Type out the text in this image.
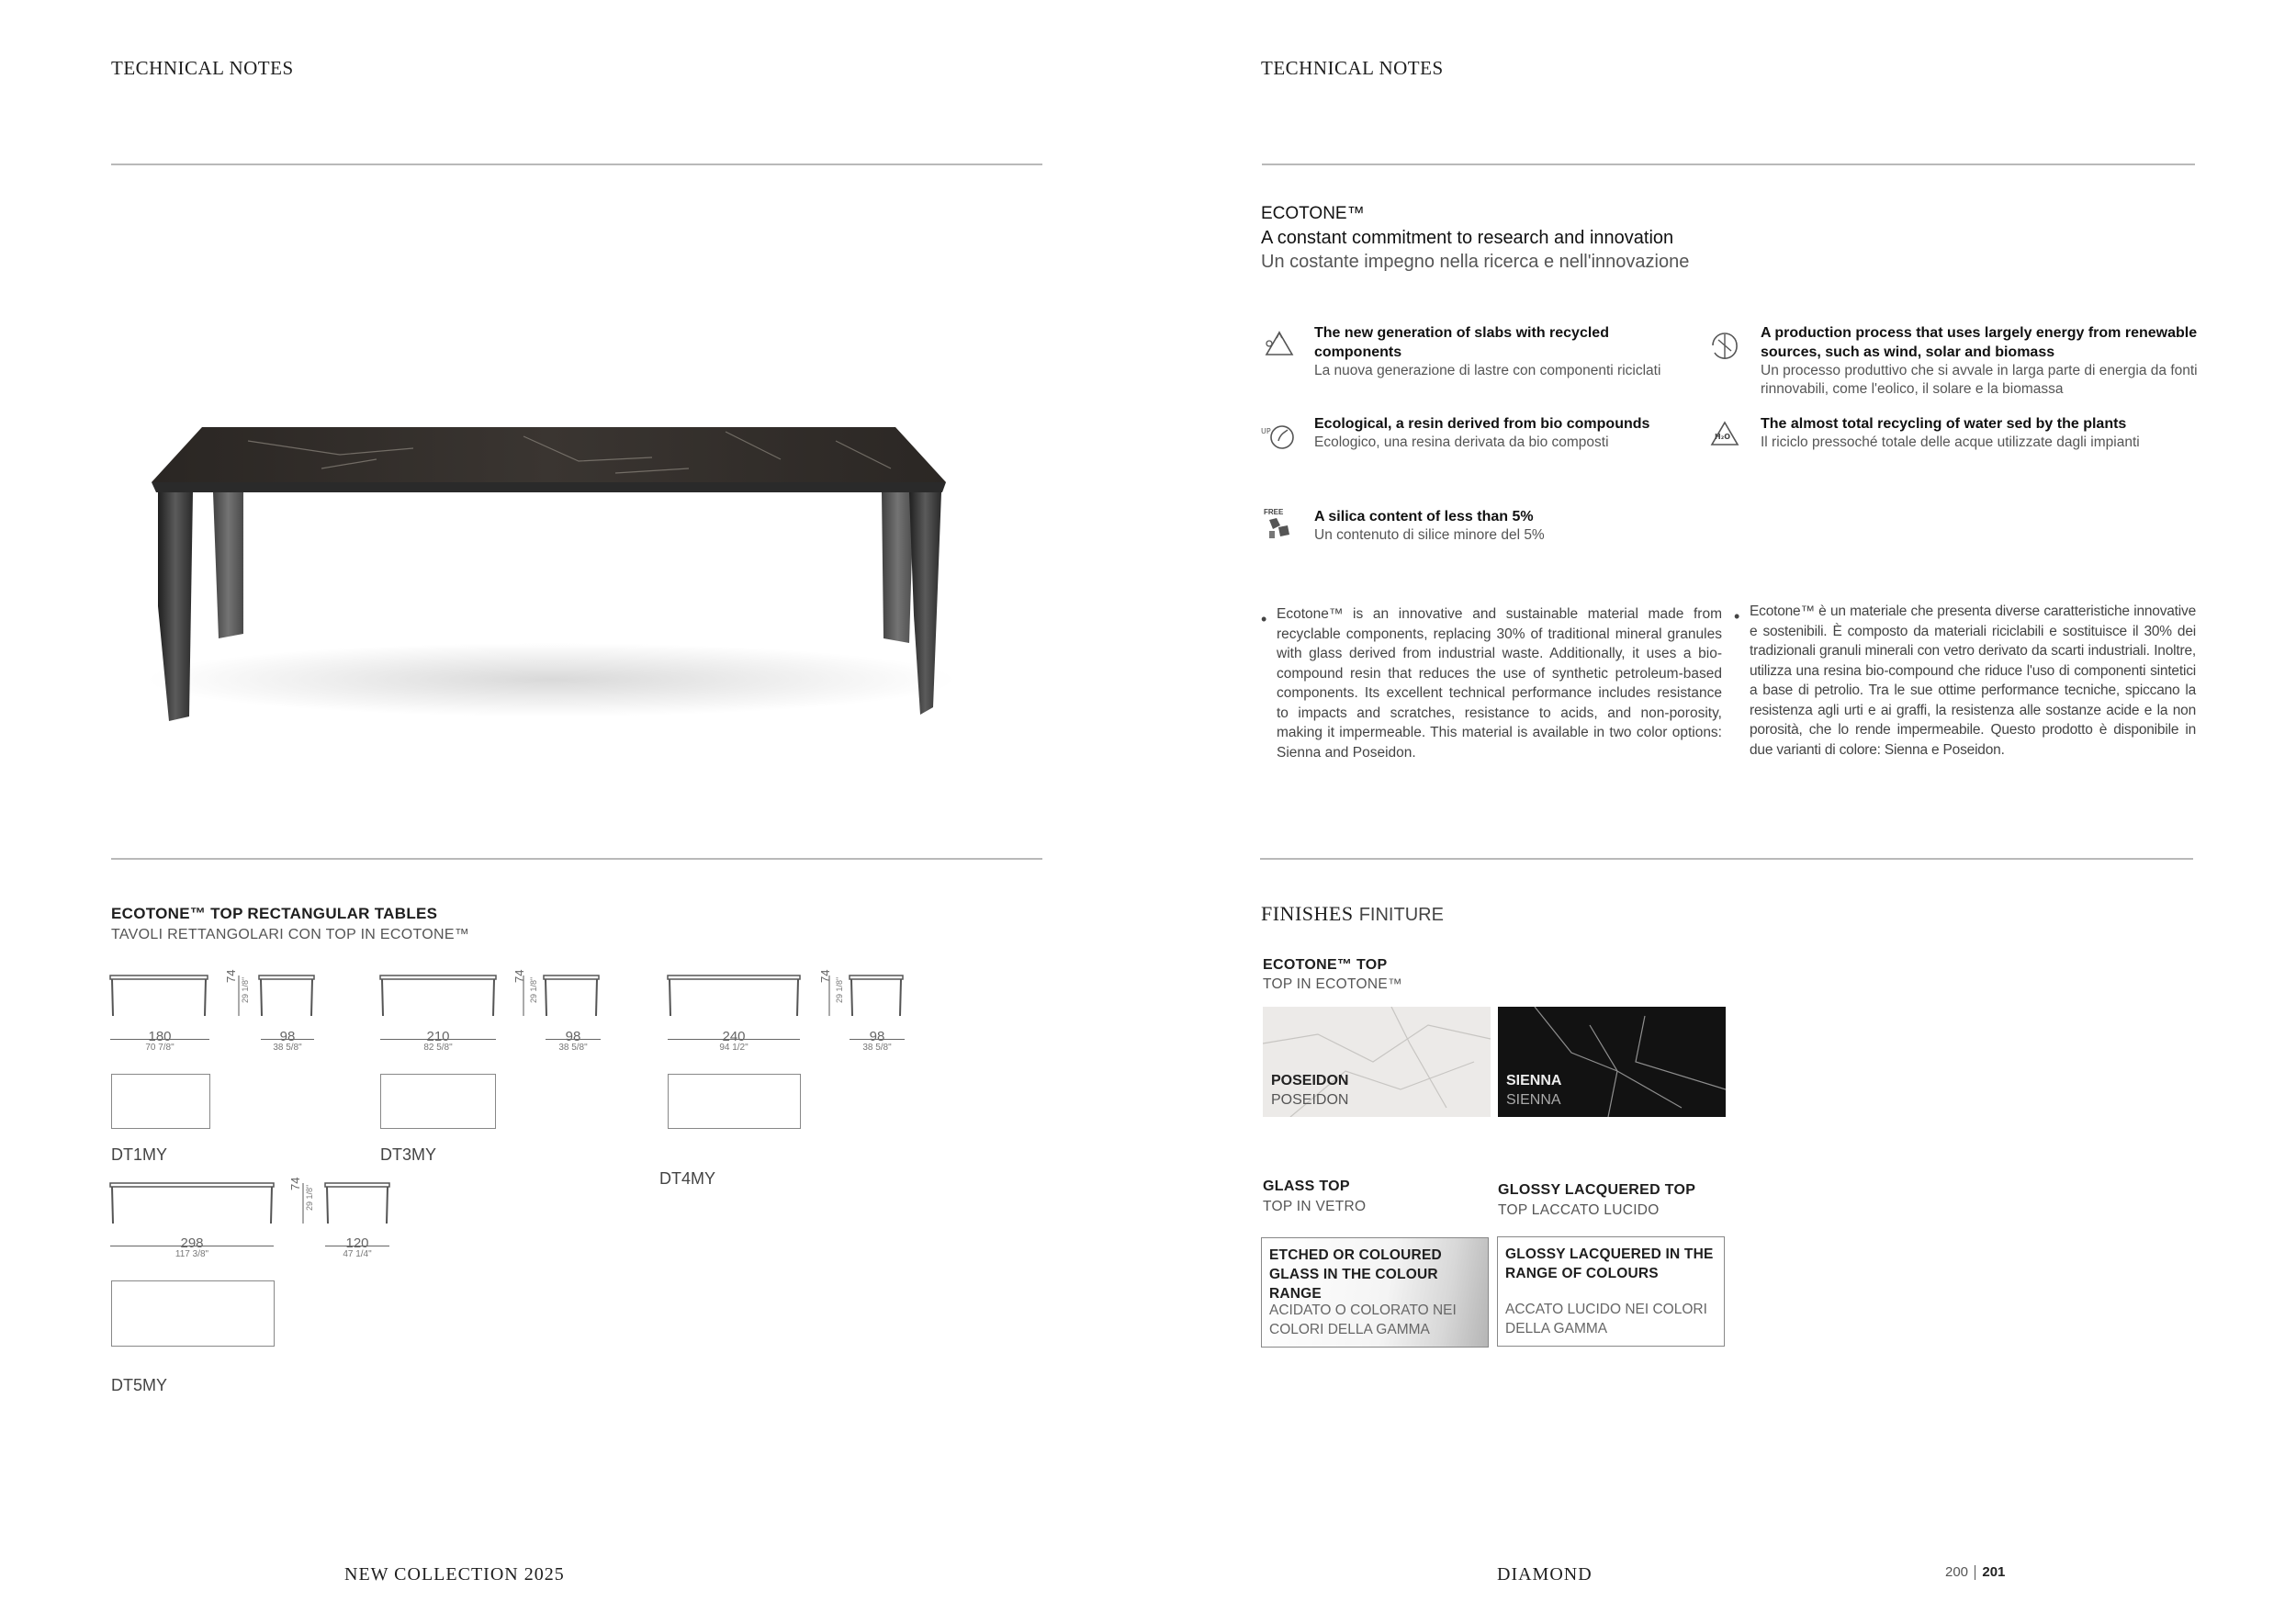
TECHNICAL NOTES
ECOTONE™ TOP RECTANGULAR TABLES
TAVOLI RETTANGOLARI CON TOP IN ECOTONE™
180
70 7/8"
74
29 1/8"
98
38 5/8"
DT1MY
210
82 5/8"
74
29 1/8"
98
38 5/8"
DT3MY
240
94 1/2"
74
29 1/8"
98
38 5/8"
DT4MY
298
117 3/8"
74
29 1/8"
120
47 1/4"
DT5MY
NEW COLLECTION 2025
TECHNICAL NOTES
ECOTONE™
A constant commitment to research and innovation
Un costante impegno nella ricerca e nell'innovazione
The new generation of slabs with recycled components
La nuova generazione di lastre con componenti riciclati
UP	Ecological, a resin derived from bio compounds
Ecologico, una resina derivata da bio composti
FREE A silica content of less than 5%
Un contenuto di silice minore del 5%
A production process that uses largely energy from renewable sources, such as wind, solar and biomass
Un processo produttivo che si avvale in larga parte di energia da fonti rinnovabili, come l'eolico, il solare e la biomassa
H₂O
The almost total recycling of water sed by the plants
Il riciclo pressoché totale delle acque utilizzate dagli impianti
• Ecotone™ is an innovative and sustainable material made from recyclable components, replacing 30% of traditional mineral granules with glass derived from industrial waste. Additionally, it uses a bio-compound resin that reduces the use of synthetic petroleum-based components. Its excellent technical performance includes resistance to impacts and scratches, resistance to acids, and non-porosity, making it impermeable. This material is available in two color options: Sienna and Poseidon.
• Ecotone™ è un materiale che presenta diverse caratteristiche innovative e sostenibili. È composto da materiali riciclabili e sostituisce il 30% dei tradizionali granuli minerali con vetro derivato da scarti industriali. Inoltre, utilizza una resina bio-compound che riduce l'uso di componenti sintetici a base di petrolio. Tra le sue ottime performance tecniche, spiccano la resistenza agli urti e ai graffi, la resistenza alle sostanze acide e la non porosità, che lo rende impermeabile. Questo prodotto è disponibile in due varianti di colore: Sienna e Poseidon.
FINISHES FINITURE
ECOTONE™ TOP
TOP IN ECOTONE™
POSEIDON
POSEIDON
SIENNA
SIENNA
GLASS TOP
TOP IN VETRO
ETCHED OR COLOURED GLASS IN THE COLOUR RANGE
ACIDATO O COLORATO NEI COLORI DELLA GAMMA
GLOSSY LACQUERED TOP
TOP LACCATO LUCIDO
GLOSSY LACQUERED IN THE RANGE OF COLOURS
ACCATO LUCIDO NEI COLORI DELLA GAMMA
DIAMOND	200 201
